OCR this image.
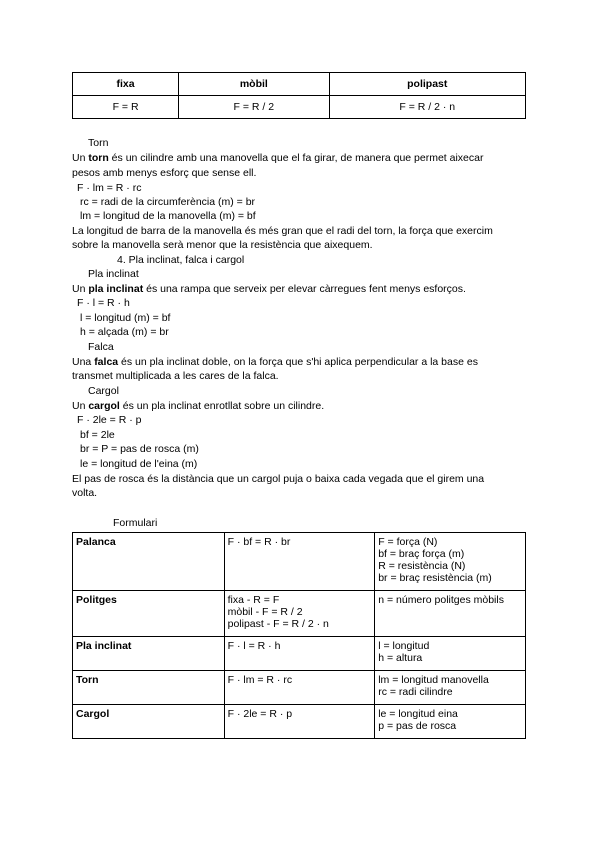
fixa	mòbil	polipast
F = R	F = R / 2	F = R / 2 · n
Torn
Un torn és un cilindre amb una manovella que el fa girar, de manera que permet aixecar
pesos amb menys esforç que sense ell.
F · lm = R · rc
rc = radi de la circumferència (m) = br
lm = longitud de la manovella (m) = bf
La longitud de barra de la manovella és més gran que el radi del torn, la força que exercim
sobre la manovella serà menor que la resistència que aixequem.
4. Pla inclinat, falca i cargol
Pla inclinat
Un pla inclinat és una rampa que serveix per elevar càrregues fent menys esforços.
F · l = R · h
l = longitud (m) = bf
h = alçada (m) = br
Falca
Una falca és un pla inclinat doble, on la força que s'hi aplica perpendicular a la base es
transmet multiplicada a les cares de la falca.
Cargol
Un cargol és un pla inclinat enrotllat sobre un cilindre.
F · 2le = R · p
bf = 2le
br = P = pas de rosca (m)
le = longitud de l'eina (m)
El pas de rosca és la distància que un cargol puja o baixa cada vegada que el girem una
volta.
Formulari
Palanca	F · bf = R · br	F = força (N)
bf = braç força (m)
R = resistència (N)
br = braç resistència (m)

Politges	fixa - R = F
mòbil - F = R / 2
polipast - F = R / 2 · n	n = número politges mòbils

Pla inclinat	F · l = R · h	l = longitud
h = altura

Torn	F · lm = R · rc	lm = longitud manovella
rc = radi cilindre

Cargol	F · 2le = R · p	le = longitud eina
p = pas de rosca
